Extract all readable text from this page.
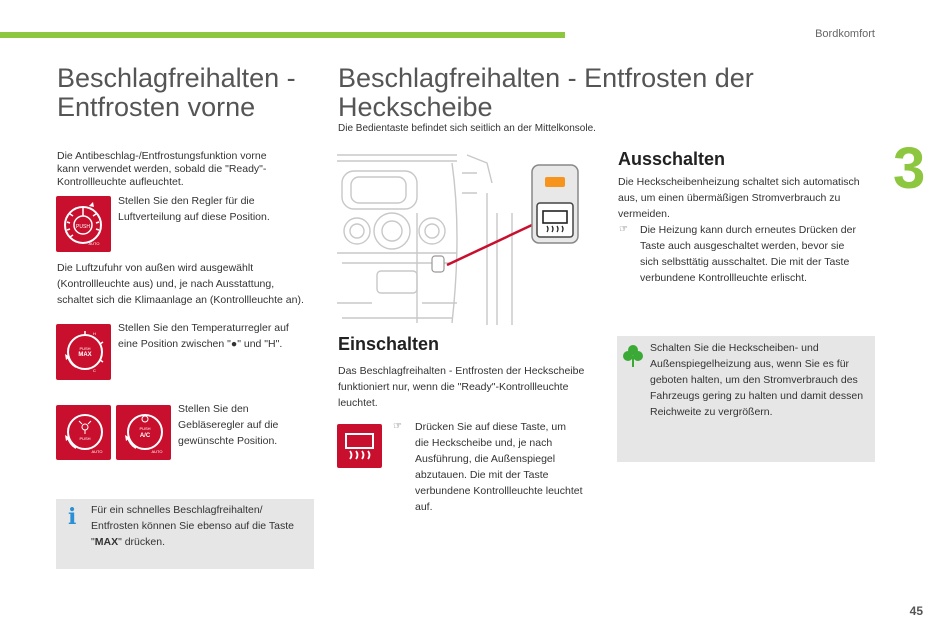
Bordkomfort
3
45
Beschlagfreihalten -
Entfrosten vorne
Die Antibeschlag-/Entfrostungsfunktion vorne
kann verwendet werden, sobald die "Ready"-
Kontrollleuchte aufleuchtet.
PUSH
AUTO
Stellen Sie den Regler für die
Luftverteilung auf diese Position.
Die Luftzufuhr von außen wird ausgewählt
(Kontrollleuchte aus) und, je nach Ausstattung,
schaltet sich die Klimaanlage an (Kontrollleuchte an).
PUSH
MAX
H
C
Stellen Sie den Temperaturregler auf
eine Position zwischen "●" und "H".
PUSH
AUTO
PUSH
A/C
AUTO
Stellen Sie den
Gebläseregler auf die
gewünschte Position.
i Für ein schnelles Beschlagfreihalten/
Entfrosten können Sie ebenso auf die Taste
"MAX" drücken.
Beschlagfreihalten - Entfrosten der
Heckscheibe
Die Bedientaste befindet sich seitlich an der Mittelkonsole.
Einschalten
Das Beschlagfreihalten - Entfrosten der Heckscheibe
funktioniert nur, wenn die "Ready"-Kontrollleuchte
leuchtet.
☞ Drücken Sie auf diese Taste, um
die Heckscheibe und, je nach
Ausführung, die Außenspiegel
abzutauen. Die mit der Taste
verbundene Kontrollleuchte leuchtet
auf.
Ausschalten
Die Heckscheibenheizung schaltet sich automatisch
aus, um einen übermäßigen Stromverbrauch zu
vermeiden.
☞ Die Heizung kann durch erneutes Drücken der
Taste auch ausgeschaltet werden, bevor sie
sich selbsttätig ausschaltet. Die mit der Taste
verbundene Kontrollleuchte erlischt.
Schalten Sie die Heckscheiben- und
Außenspiegelheizung aus, wenn Sie es für
geboten halten, um den Stromverbrauch des
Fahrzeugs gering zu halten und damit dessen
Reichweite zu vergrößern.
